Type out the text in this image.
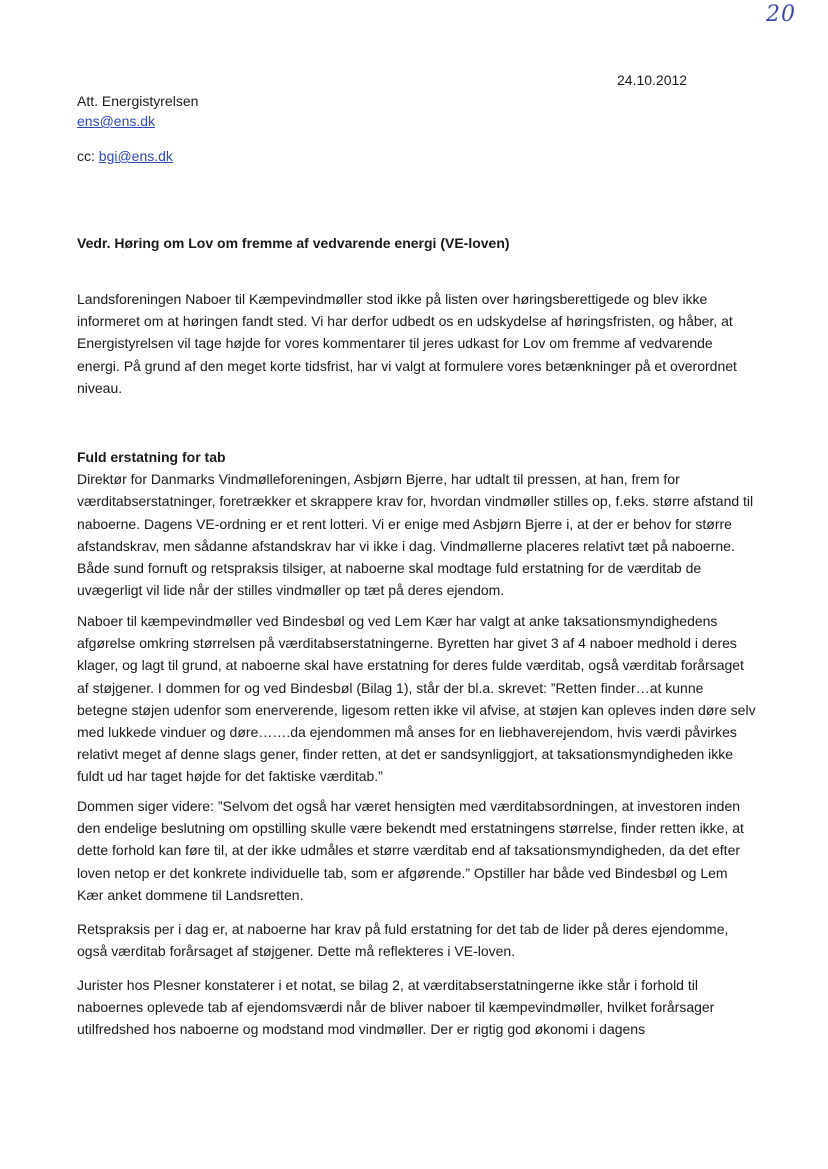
20
24.10.2012
Att. Energistyrelsen
ens@ens.dk
cc: bgi@ens.dk
Vedr. Høring om Lov om fremme af vedvarende energi (VE-loven)

Landsforeningen Naboer til Kæmpevindmøller stod ikke på listen over høringsberettigede og blev ikke informeret om at høringen fandt sted. Vi har derfor udbedt os en udskydelse af høringsfristen, og håber, at Energistyrelsen vil tage højde for vores kommentarer til jeres udkast for Lov om fremme af vedvarende energi. På grund af den meget korte tidsfrist, har vi valgt at formulere vores betænkninger på et overordnet niveau.

Fuld erstatning for tab

Direktør for Danmarks Vindmølleforeningen, Asbjørn Bjerre, har udtalt til pressen, at han, frem for værditabserstatninger, foretrækker et skrappere krav for, hvordan vindmøller stilles op, f.eks. større afstand til naboerne. Dagens VE-ordning er et rent lotteri. Vi er enige med Asbjørn Bjerre i, at der er behov for større afstandskrav, men sådanne afstandskrav har vi ikke i dag. Vindmøllerne placeres relativt tæt på naboerne. Både sund fornuft og retspraksis tilsiger, at naboerne skal modtage fuld erstatning for de værditab de uvægerligt vil lide når der stilles vindmøller op tæt på deres ejendom.

Naboer til kæmpevindmøller ved Bindesbøl og ved Lem Kær har valgt at anke taksationsmyndighedens afgørelse omkring størrelsen på værditabserstatningerne. Byretten har givet 3 af 4 naboer medhold i deres klager, og lagt til grund, at naboerne skal have erstatning for deres fulde værditab, også værditab forårsaget af støjgener. I dommen for og ved Bindesbøl (Bilag 1), står der bl.a. skrevet: ”Retten finder…at kunne betegne støjen udenfor som enerverende, ligesom retten ikke vil afvise, at støjen kan opleves inden døre selv med lukkede vinduer og døre…….da ejendommen må anses for en liebhaverejendom, hvis værdi påvirkes relativt meget af denne slags gener, finder retten, at det er sandsynliggjort, at taksationsmyndigheden ikke fuldt ud har taget højde for det faktiske værditab.”

Dommen siger videre: ”Selvom det også har været hensigten med værditabsordningen, at investoren inden den endelige beslutning om opstilling skulle være bekendt med erstatningens størrelse, finder retten ikke, at dette forhold kan føre til, at der ikke udmåles et større værditab end af taksationsmyndigheden, da det efter loven netop er det konkrete individuelle tab, som er afgørende.” Opstiller har både ved Bindesbøl og Lem Kær anket dommene til Landsretten.

Retspraksis per i dag er, at naboerne har krav på fuld erstatning for det tab de lider på deres ejendomme, også værditab forårsaget af støjgener. Dette må reflekteres i VE-loven.

Jurister hos Plesner konstaterer i et notat, se bilag 2, at værditabserstatningerne ikke står i forhold til naboernes oplevede tab af ejendomsværdi når de bliver naboer til kæmpevindmøller, hvilket forårsager utilfredshed hos naboerne og modstand mod vindmøller. Der er rigtig god økonomi i dagens
